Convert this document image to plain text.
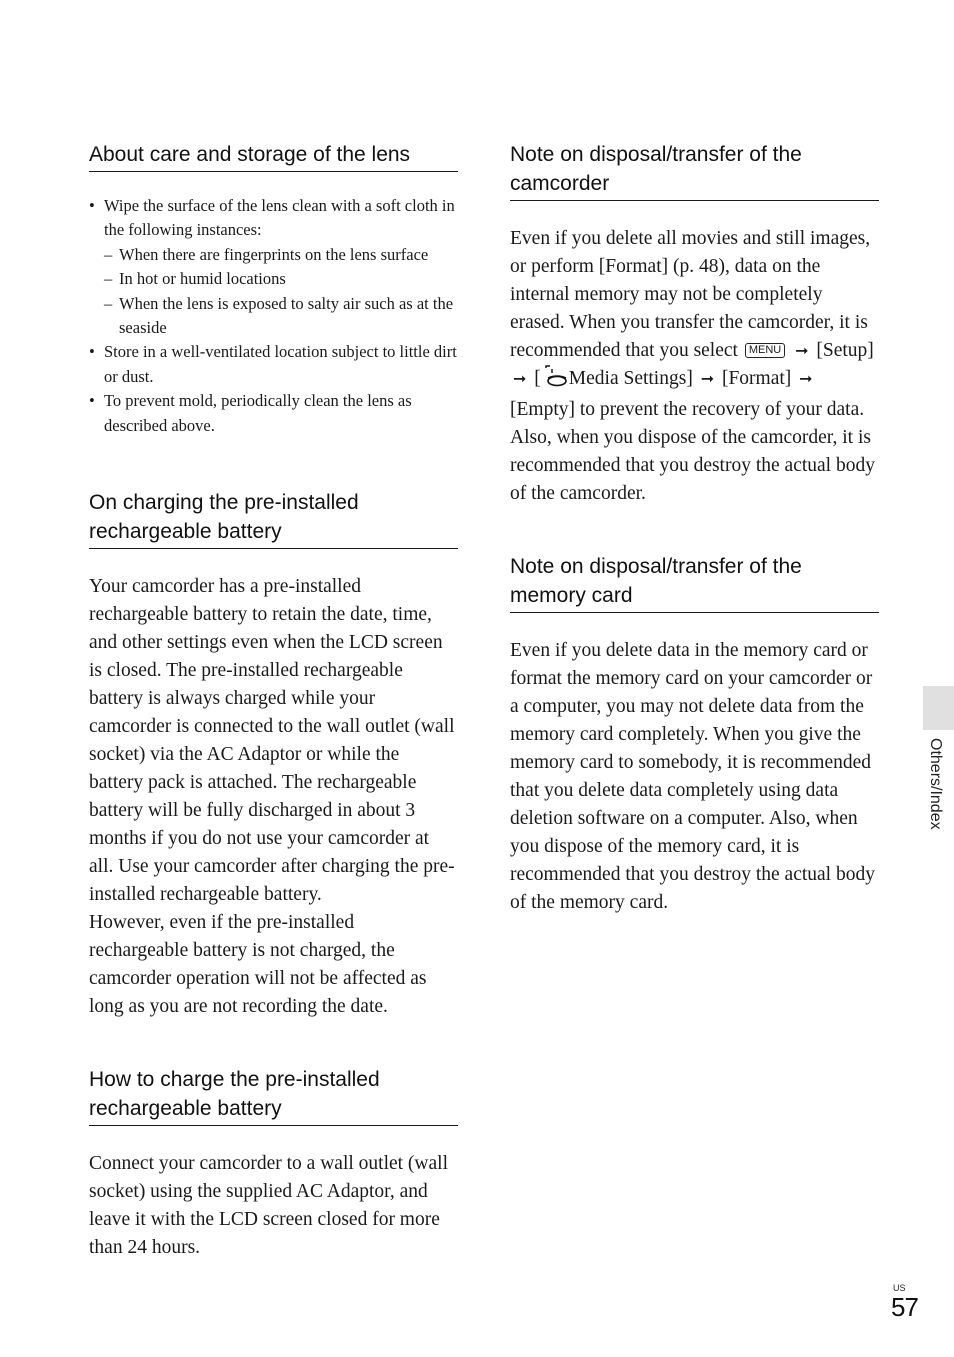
About care and storage of the lens
• Wipe the surface of the lens clean with a soft cloth in the following instances:
– When there are fingerprints on the lens surface
– In hot or humid locations
– When the lens is exposed to salty air such as at the seaside
• Store in a well-ventilated location subject to little dirt or dust.
• To prevent mold, periodically clean the lens as described above.
On charging the pre-installed rechargeable battery

Your camcorder has a pre-installed rechargeable battery to retain the date, time, and other settings even when the LCD screen is closed. The pre-installed rechargeable battery is always charged while your camcorder is connected to the wall outlet (wall socket) via the AC Adaptor or while the battery pack is attached. The rechargeable battery will be fully discharged in about 3 months if you do not use your camcorder at all. Use your camcorder after charging the pre-installed rechargeable battery.

However, even if the pre-installed rechargeable battery is not charged, the camcorder operation will not be affected as long as you are not recording the date.

How to charge the pre-installed rechargeable battery

Connect your camcorder to a wall outlet (wall socket) using the supplied AC Adaptor, and leave it with the LCD screen closed for more than 24 hours.

Note on disposal/transfer of the camcorder

Even if you delete all movies and still images, or perform [Format] (p. 48), data on the internal memory may not be completely erased. When you transfer the camcorder, it is recommended that you select MENU ➞ [Setup] ➞ [ Media Settings] ➞ [Format] ➞ [Empty] to prevent the recovery of your data. Also, when you dispose of the camcorder, it is recommended that you destroy the actual body of the camcorder.

Note on disposal/transfer of the memory card

Even if you delete data in the memory card or format the memory card on your camcorder or a computer, you may not delete data from the memory card completely. When you give the memory card to somebody, it is recommended that you delete data completely using data deletion software on a computer. Also, when you dispose of the memory card, it is recommended that you destroy the actual body of the memory card.

Others/Index
US
57
